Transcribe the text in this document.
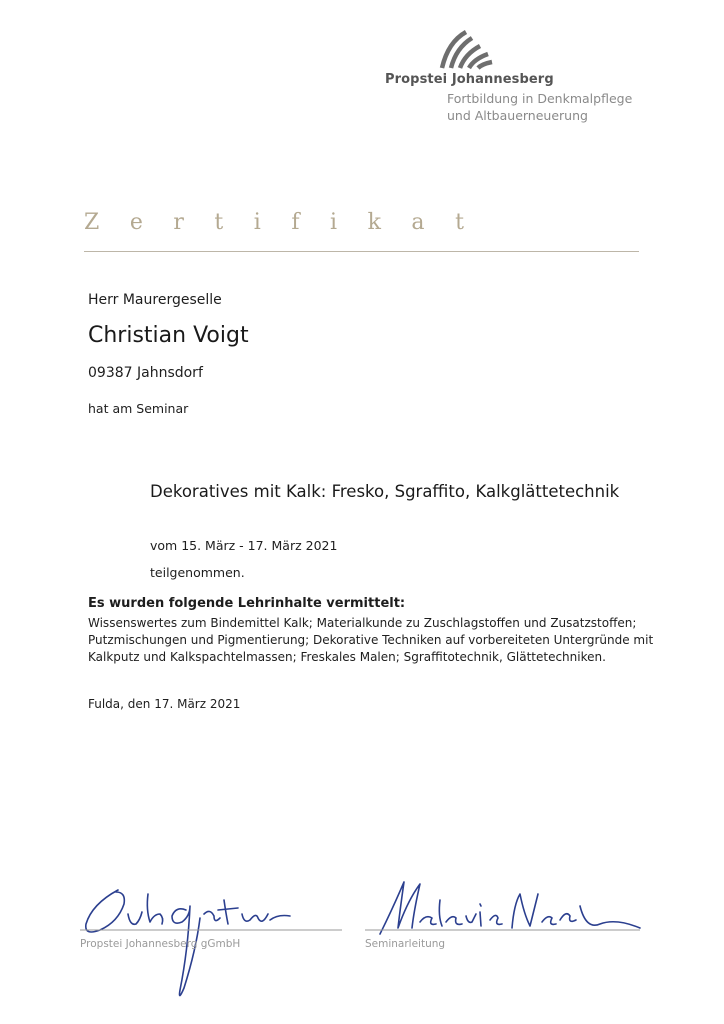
Propstei Johannesberg
Fortbildung in Denkmalpflege
und Altbauerneuerung
Z e r t i f i k a t
Herr Maurergeselle
Christian Voigt
09387 Jahnsdorf
hat am Seminar
Dekoratives mit Kalk: Fresko, Sgraffito, Kalkglättetechnik
vom 15. März - 17. März 2021
teilgenommen.
Es wurden folgende Lehrinhalte vermittelt:
Wissenswertes zum Bindemittel Kalk; Materialkunde zu Zuschlagstoffen und Zusatzstoffen;
Putzmischungen und Pigmentierung; Dekorative Techniken auf vorbereiteten Untergründe mit
Kalkputz und Kalkspachtelmassen; Freskales Malen; Sgraffitotechnik, Glättetechniken.
Fulda, den 17. März 2021
Propstei Johannesberg gGmbH	Seminarleitung
